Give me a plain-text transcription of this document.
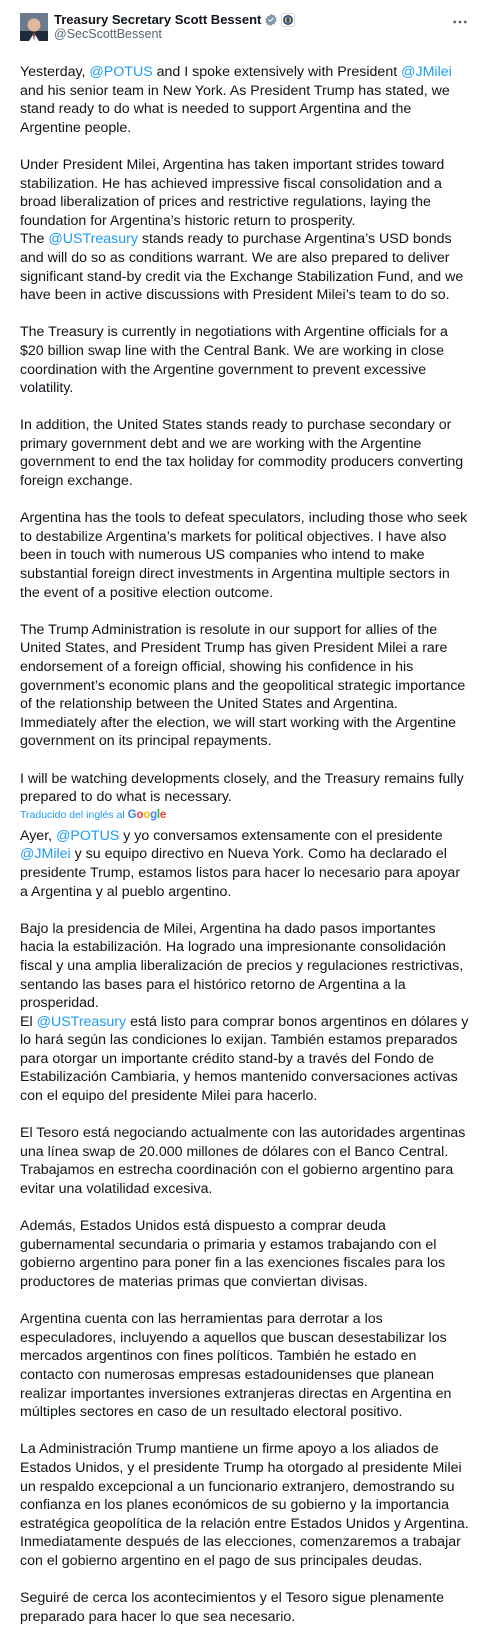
Treasury Secretary Scott Bessent
@SecScottBessent

Yesterday, @POTUS and I spoke extensively with President @JMilei and his senior team in New York. As President Trump has stated, we stand ready to do what is needed to support Argentina and the Argentine people.

Under President Milei, Argentina has taken important strides toward stabilization. He has achieved impressive fiscal consolidation and a broad liberalization of prices and restrictive regulations, laying the foundation for Argentina’s historic return to prosperity.

The @USTreasury stands ready to purchase Argentina’s USD bonds and will do so as conditions warrant. We are also prepared to deliver significant stand-by credit via the Exchange Stabilization Fund, and we have been in active discussions with President Milei’s team to do so.

The Treasury is currently in negotiations with Argentine officials for a $20 billion swap line with the Central Bank. We are working in close coordination with the Argentine government to prevent excessive volatility.

In addition, the United States stands ready to purchase secondary or primary government debt and we are working with the Argentine government to end the tax holiday for commodity producers converting foreign exchange.

Argentina has the tools to defeat speculators, including those who seek to destabilize Argentina’s markets for political objectives. I have also been in touch with numerous US companies who intend to make substantial foreign direct investments in Argentina multiple sectors in the event of a positive election outcome.

The Trump Administration is resolute in our support for allies of the United States, and President Trump has given President Milei a rare endorsement of a foreign official, showing his confidence in his government’s economic plans and the geopolitical strategic importance of the relationship between the United States and Argentina. Immediately after the election, we will start working with the Argentine government on its principal repayments.

I will be watching developments closely, and the Treasury remains fully prepared to do what is necessary.

Traducido del inglés al Google

Ayer, @POTUS y yo conversamos extensamente con el presidente @JMilei y su equipo directivo en Nueva York. Como ha declarado el presidente Trump, estamos listos para hacer lo necesario para apoyar a Argentina y al pueblo argentino.

Bajo la presidencia de Milei, Argentina ha dado pasos importantes hacia la estabilización. Ha logrado una impresionante consolidación fiscal y una amplia liberalización de precios y regulaciones restrictivas, sentando las bases para el histórico retorno de Argentina a la prosperidad.

El @USTreasury está listo para comprar bonos argentinos en dólares y lo hará según las condiciones lo exijan. También estamos preparados para otorgar un importante crédito stand-by a través del Fondo de Estabilización Cambiaria, y hemos mantenido conversaciones activas con el equipo del presidente Milei para hacerlo.

El Tesoro está negociando actualmente con las autoridades argentinas una línea swap de 20.000 millones de dólares con el Banco Central. Trabajamos en estrecha coordinación con el gobierno argentino para evitar una volatilidad excesiva.

Además, Estados Unidos está dispuesto a comprar deuda gubernamental secundaria o primaria y estamos trabajando con el gobierno argentino para poner fin a las exenciones fiscales para los productores de materias primas que conviertan divisas.

Argentina cuenta con las herramientas para derrotar a los especuladores, incluyendo a aquellos que buscan desestabilizar los mercados argentinos con fines políticos. También he estado en contacto con numerosas empresas estadounidenses que planean realizar importantes inversiones extranjeras directas en Argentina en múltiples sectores en caso de un resultado electoral positivo.

La Administración Trump mantiene un firme apoyo a los aliados de Estados Unidos, y el presidente Trump ha otorgado al presidente Milei un respaldo excepcional a un funcionario extranjero, demostrando su confianza en los planes económicos de su gobierno y la importancia estratégica geopolítica de la relación entre Estados Unidos y Argentina. Inmediatamente después de las elecciones, comenzaremos a trabajar con el gobierno argentino en el pago de sus principales deudas.

Seguiré de cerca los acontecimientos y el Tesoro sigue plenamente preparado para hacer lo que sea necesario.
